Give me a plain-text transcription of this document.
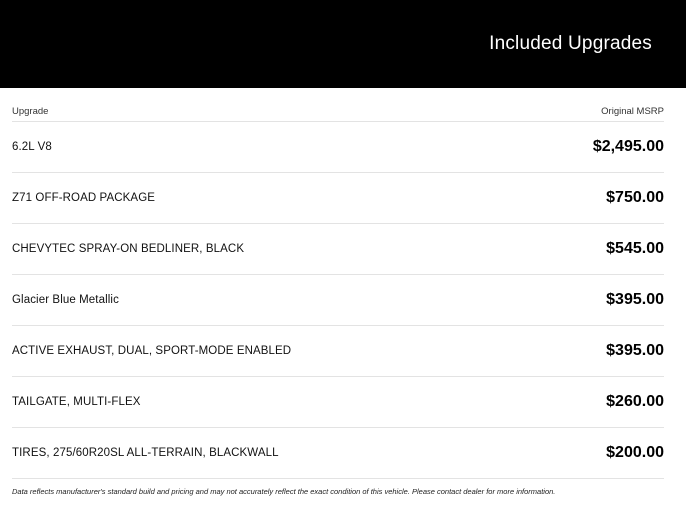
Included Upgrades
Upgrade	Original MSRP
6.2L V8	$2,495.00
Z71 OFF-ROAD PACKAGE	$750.00
CHEVYTEC SPRAY-ON BEDLINER, BLACK	$545.00
Glacier Blue Metallic	$395.00
ACTIVE EXHAUST, DUAL, SPORT-MODE ENABLED	$395.00
TAILGATE, MULTI-FLEX	$260.00
TIRES, 275/60R20SL ALL-TERRAIN, BLACKWALL	$200.00
Data reflects manufacturer's standard build and pricing and may not accurately reflect the exact condition of this vehicle. Please contact dealer for more information.
